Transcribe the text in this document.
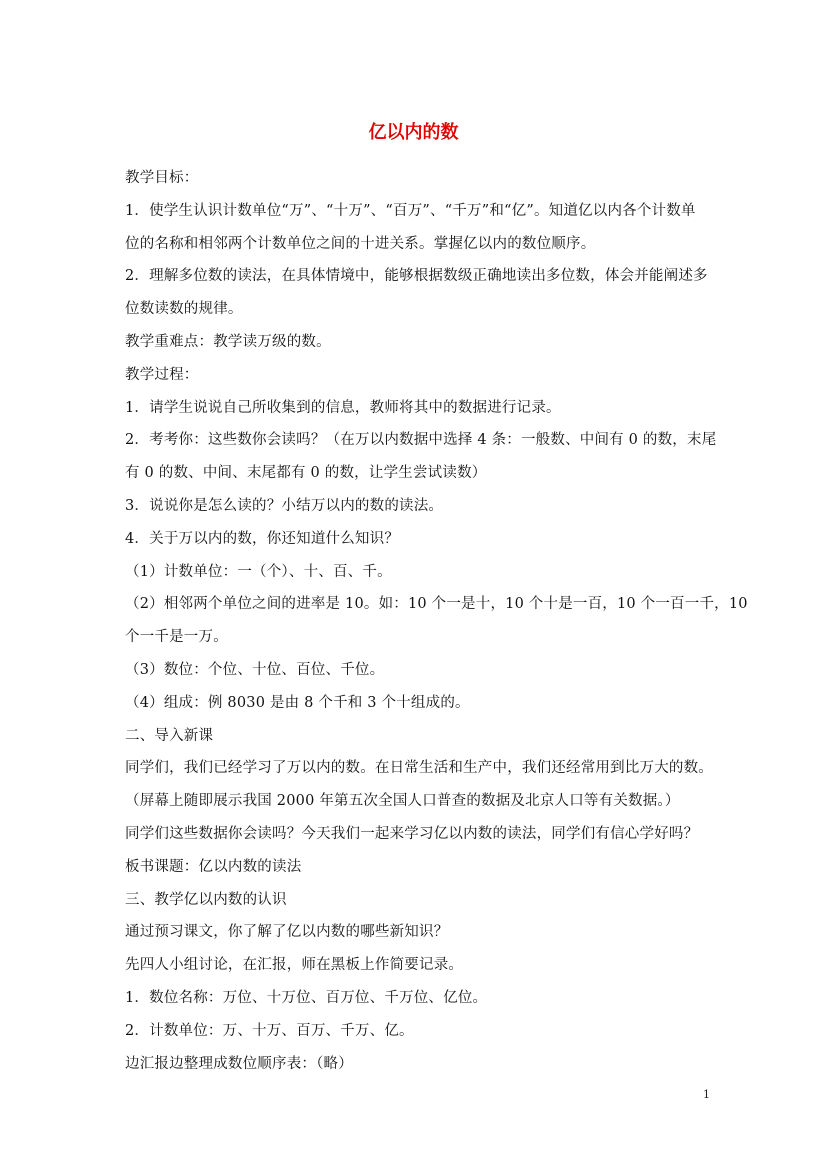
亿以内的数
教学目标：
1．使学生认识计数单位“万”、“十万”、“百万”、“千万”和“亿”。知道亿以内各个计数单
位的名称和相邻两个计数单位之间的十进关系。掌握亿以内的数位顺序。
2．理解多位数的读法，在具体情境中，能够根据数级正确地读出多位数，体会并能阐述多
位数读数的规律。
教学重难点：教学读万级的数。
教学过程：
1．请学生说说自己所收集到的信息，教师将其中的数据进行记录。
2．考考你：这些数你会读吗？（在万以内数据中选择 4 条：一般数、中间有 0 的数，末尾
有 0 的数、中间、末尾都有 0 的数，让学生尝试读数）
3．说说你是怎么读的？小结万以内的数的读法。
4．关于万以内的数，你还知道什么知识？
（1）计数单位：一（个）、十、百、千。
（2）相邻两个单位之间的进率是 10。如：10 个一是十，10 个十是一百，10 个一百一千，10
个一千是一万。
（3）数位：个位、十位、百位、千位。
（4）组成：例 8030 是由 8 个千和 3 个十组成的。
二、导入新课
同学们，我们已经学习了万以内的数。在日常生活和生产中，我们还经常用到比万大的数。
（屏幕上随即展示我国 2000 年第五次全国人口普查的数据及北京人口等有关数据。）
同学们这些数据你会读吗？今天我们一起来学习亿以内数的读法，同学们有信心学好吗？
板书课题：亿以内数的读法
三、教学亿以内数的认识
通过预习课文，你了解了亿以内数的哪些新知识？
先四人小组讨论，在汇报，师在黑板上作简要记录。
1．数位名称：万位、十万位、百万位、千万位、亿位。
2．计数单位：万、十万、百万、千万、亿。
边汇报边整理成数位顺序表：（略）
1
